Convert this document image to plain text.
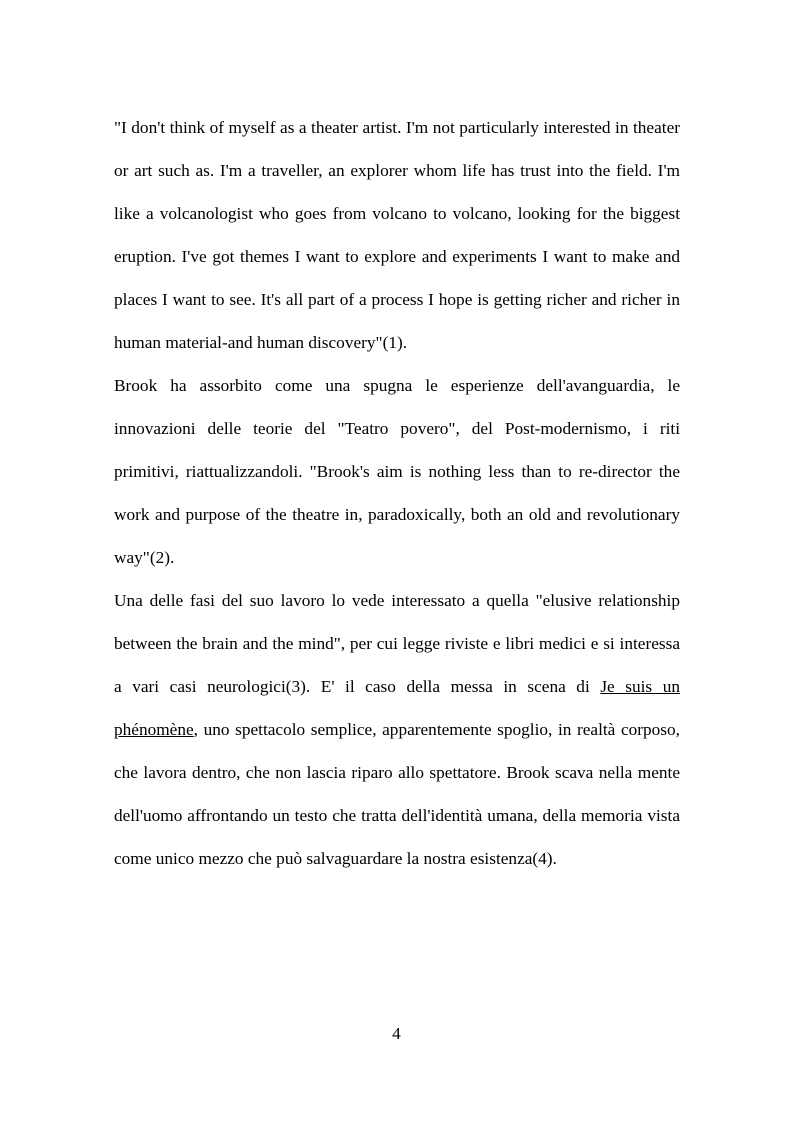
"I don't think of myself as a theater artist. I'm not particularly interested in theater or art such as. I'm a traveller, an explorer whom life has trust into the field. I'm like a volcanologist who goes from volcano to volcano, looking for the biggest eruption. I've got themes I want to explore and experiments I want to make and places I want to see. It's all part of a process I hope is getting richer and richer in human material-and human discovery"(1).

Brook ha assorbito come una spugna le esperienze dell'avanguardia, le innovazioni delle teorie del "Teatro povero", del Post-modernismo, i riti primitivi, riattualizzandoli. "Brook's aim is nothing less than to re-director the work and purpose of the theatre in, paradoxically, both an old and revolutionary way"(2).

Una delle fasi del suo lavoro lo vede interessato a quella "elusive relationship between the brain and the mind", per cui legge riviste e libri medici e si interessa a vari casi neurologici(3). E' il caso della messa in scena di Je suis un phénomène, uno spettacolo semplice, apparentemente spoglio, in realtà corposo, che lavora dentro, che non lascia riparo allo spettatore. Brook scava nella mente dell'uomo affrontando un testo che tratta dell'identità umana, della memoria vista come unico mezzo che può salvaguardare la nostra esistenza(4).

4
